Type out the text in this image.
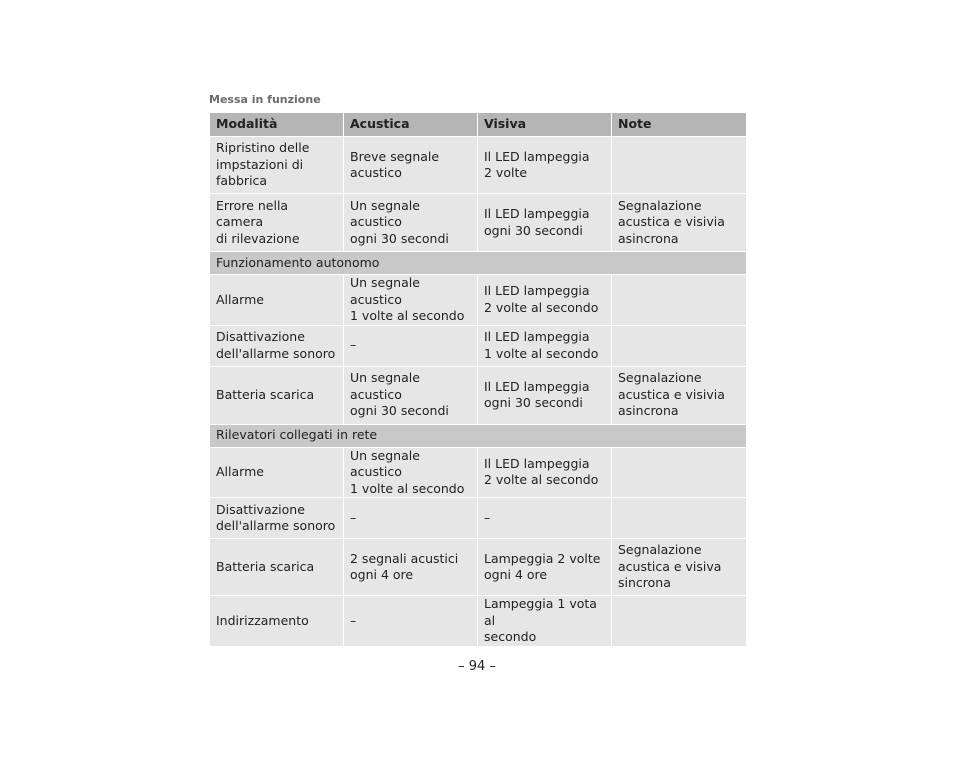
Messa in funzione
Modalità	Acustica	Visiva	Note
Ripristino delle
impstazioni di
fabbrica	Breve segnale
acustico	Il LED lampeggia
2 volte	
Errore nella camera
di rilevazione	Un segnale acustico
ogni 30 secondi	Il LED lampeggia
ogni 30 secondi	Segnalazione
acustica e visivia
asincrona
Funzionamento autonomo			
Allarme	Un segnale acustico
1 volte al secondo	Il LED lampeggia
2 volte al secondo	
Disattivazione
dell'allarme sonoro	–	Il LED lampeggia
1 volte al secondo	
Batteria scarica	Un segnale acustico
ogni 30 secondi	Il LED lampeggia
ogni 30 secondi	Segnalazione
acustica e visivia
asincrona
Rilevatori collegati in rete			
Allarme	Un segnale acustico
1 volte al secondo	Il LED lampeggia
2 volte al secondo	
Disattivazione
dell'allarme sonoro	–	–	
Batteria scarica	2 segnali acustici
ogni 4 ore	Lampeggia 2 volte
ogni 4 ore	Segnalazione
acustica e visiva
sincrona
Indirizzamento	–	Lampeggia 1 vota al
secondo	
– 94 –
